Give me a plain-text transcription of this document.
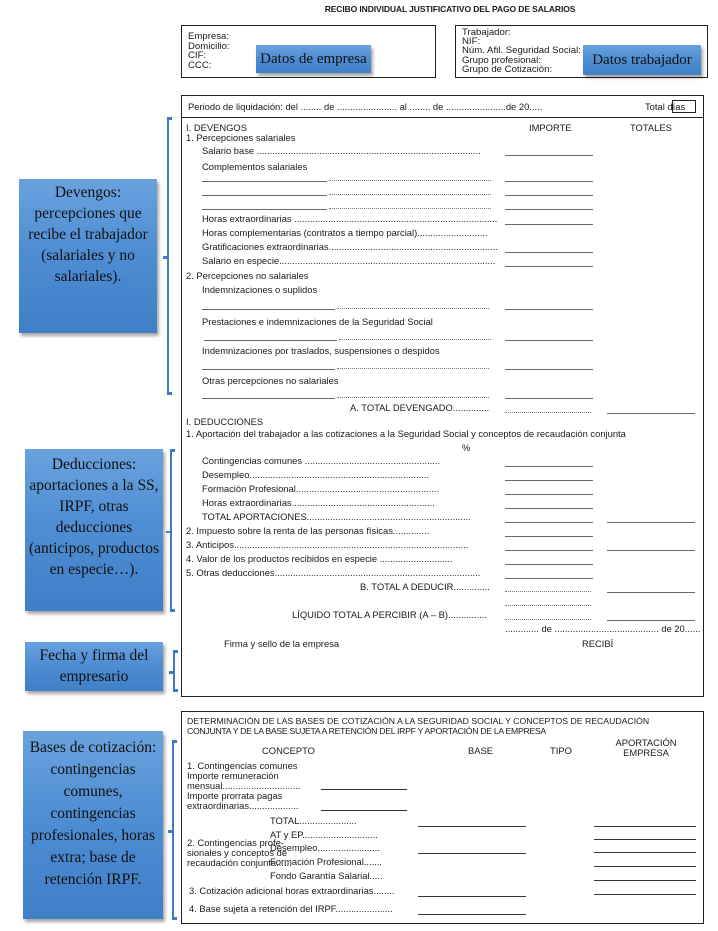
RECIBO INDIVIDUAL JUSTIFICATIVO DEL PAGO DE SALARIOS
Empresa:
Domicilio:
CIF:
CCC:	Datos de empresa
Trabajador:
NIF:
Núm. Afil. Seguridad Social:
Grupo profesional:
Grupo de Cotización:
Datos trabajador
Periodo de liquidación: del ........ de ....................... al ........ de .......................de 20.....	Total días
I. DEVENGOS	IMPORTE	TOTALES
1. Percepciones salariales
Salario base ......................................................................................
Complementos salariales
Horas extraordinarias ..............................................................................
Horas complementarias (contratos a tiempo parcial)...........................
Gratificaciones extraordinarias.................................................................
Salario en especie...................................................................................
2. Percepciones no salariales
Indemnizaciones o suplidos
Prestaciones e indemnizaciones de la Seguridad Social
Indemnizaciones por traslados, suspensiones o despidos
Otras percepciones no salariales
A. TOTAL DEVENGADO..............
I. DEDUCCIONES
1. Aportación del trabajador a las cotizaciones a la Seguridad Social y conceptos de recaudación conjunta
%
Contingencias comunes ....................................................
Desempleo.....................................................................
Formación Profesional.......................................................
Horas extraordinarias.......................................................
TOTAL APORTACIONES...............................................................
2. Impuesto sobre la renta de las personas físicas..............
3. Anticipos..........................................................................................
4. Valor de los productos recibidos en especie ............................
5. Otras deducciones...............................................................................
B. TOTAL A DEDUCIR..............
LÍQUIDO TOTAL A PERCIBIR (A – B)...............
............. de ........................................ de 20......
Firma y sello de la empresa	RECIBÍ
DETERMINACIÓN DE LAS BASES DE COTIZACIÓN A LA SEGURIDAD SOCIAL Y CONCEPTOS DE RECAUDACIÓN
CONJUNTA Y DE LA BASE SUJETA A RETENCIÓN DEL IRPF Y APORTACIÓN DE LA EMPRESA
CONCEPTO	BASE	TIPO
APORTACIÓN
EMPRESA
1. Contingencias comunes
Importe remuneración
mensual..............................
Importe prorrata pagas
extraordinarias...................
TOTAL......................
AT y EP.............................
2. Contingencias profe-
Desempleo........................
sionales y conceptos de
recaudación conjunta......
Formación Profesional.......
Fondo Garantía Salarial.....
3. Cotización adicional horas extraordinarias........
4. Base sujeta a retención del IRPF......................
Devengos: percepciones que recibe el trabajador (salariales y no salariales).
Deducciones: aportaciones a la SS, IRPF, otras deducciones (anticipos, productos en especie…).
Fecha y firma del empresario
Bases de cotización: contingencias comunes, contingencias profesionales, horas extra; base de retención IRPF.
